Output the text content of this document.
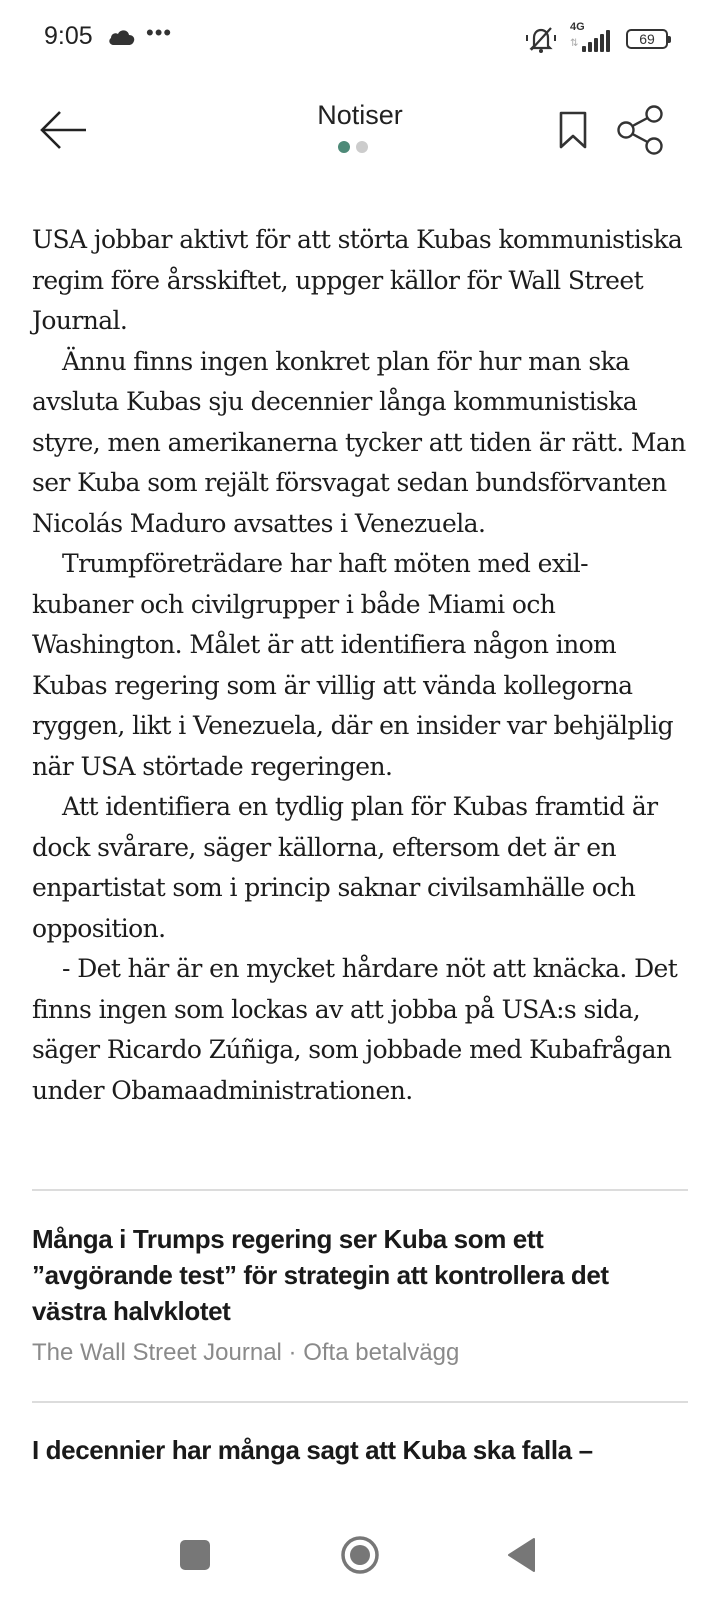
9:05 •••	4G
⇅	69
Notiser

USA jobbar aktivt för att störta Kubas kommunistiska regim före årsskiftet, uppger källor för Wall Street Journal.

Ännu finns ingen konkret plan för hur man ska avsluta Kubas sju decennier långa kommunistiska styre, men amerikanerna tycker att tiden är rätt. Man ser Kuba som rejält försvagat sedan bundsförvanten Nicolás Maduro avsattes i Venezuela.

Trumpföreträdare har haft möten med exil-kubaner och civilgrupper i både Miami och Washington. Målet är att identifiera någon inom Kubas regering som är villig att vända kollegorna ryggen, likt i Venezuela, där en insider var behjälplig när USA störtade regeringen.

Att identifiera en tydlig plan för Kubas framtid är dock svårare, säger källorna, eftersom det är en enpartistat som i princip saknar civilsamhälle och opposition.

- Det här är en mycket hårdare nöt att knäcka. Det finns ingen som lockas av att jobba på USA:s sida, säger Ricardo Zúñiga, som jobbade med Kubafrågan under Obamaadministrationen.

Många i Trumps regering ser Kuba som ett ”avgörande test” för strategin att kontrollera det västra halvklotet
The Wall Street Journal · Ofta betalvägg
I decennier har många sagt att Kuba ska falla –
